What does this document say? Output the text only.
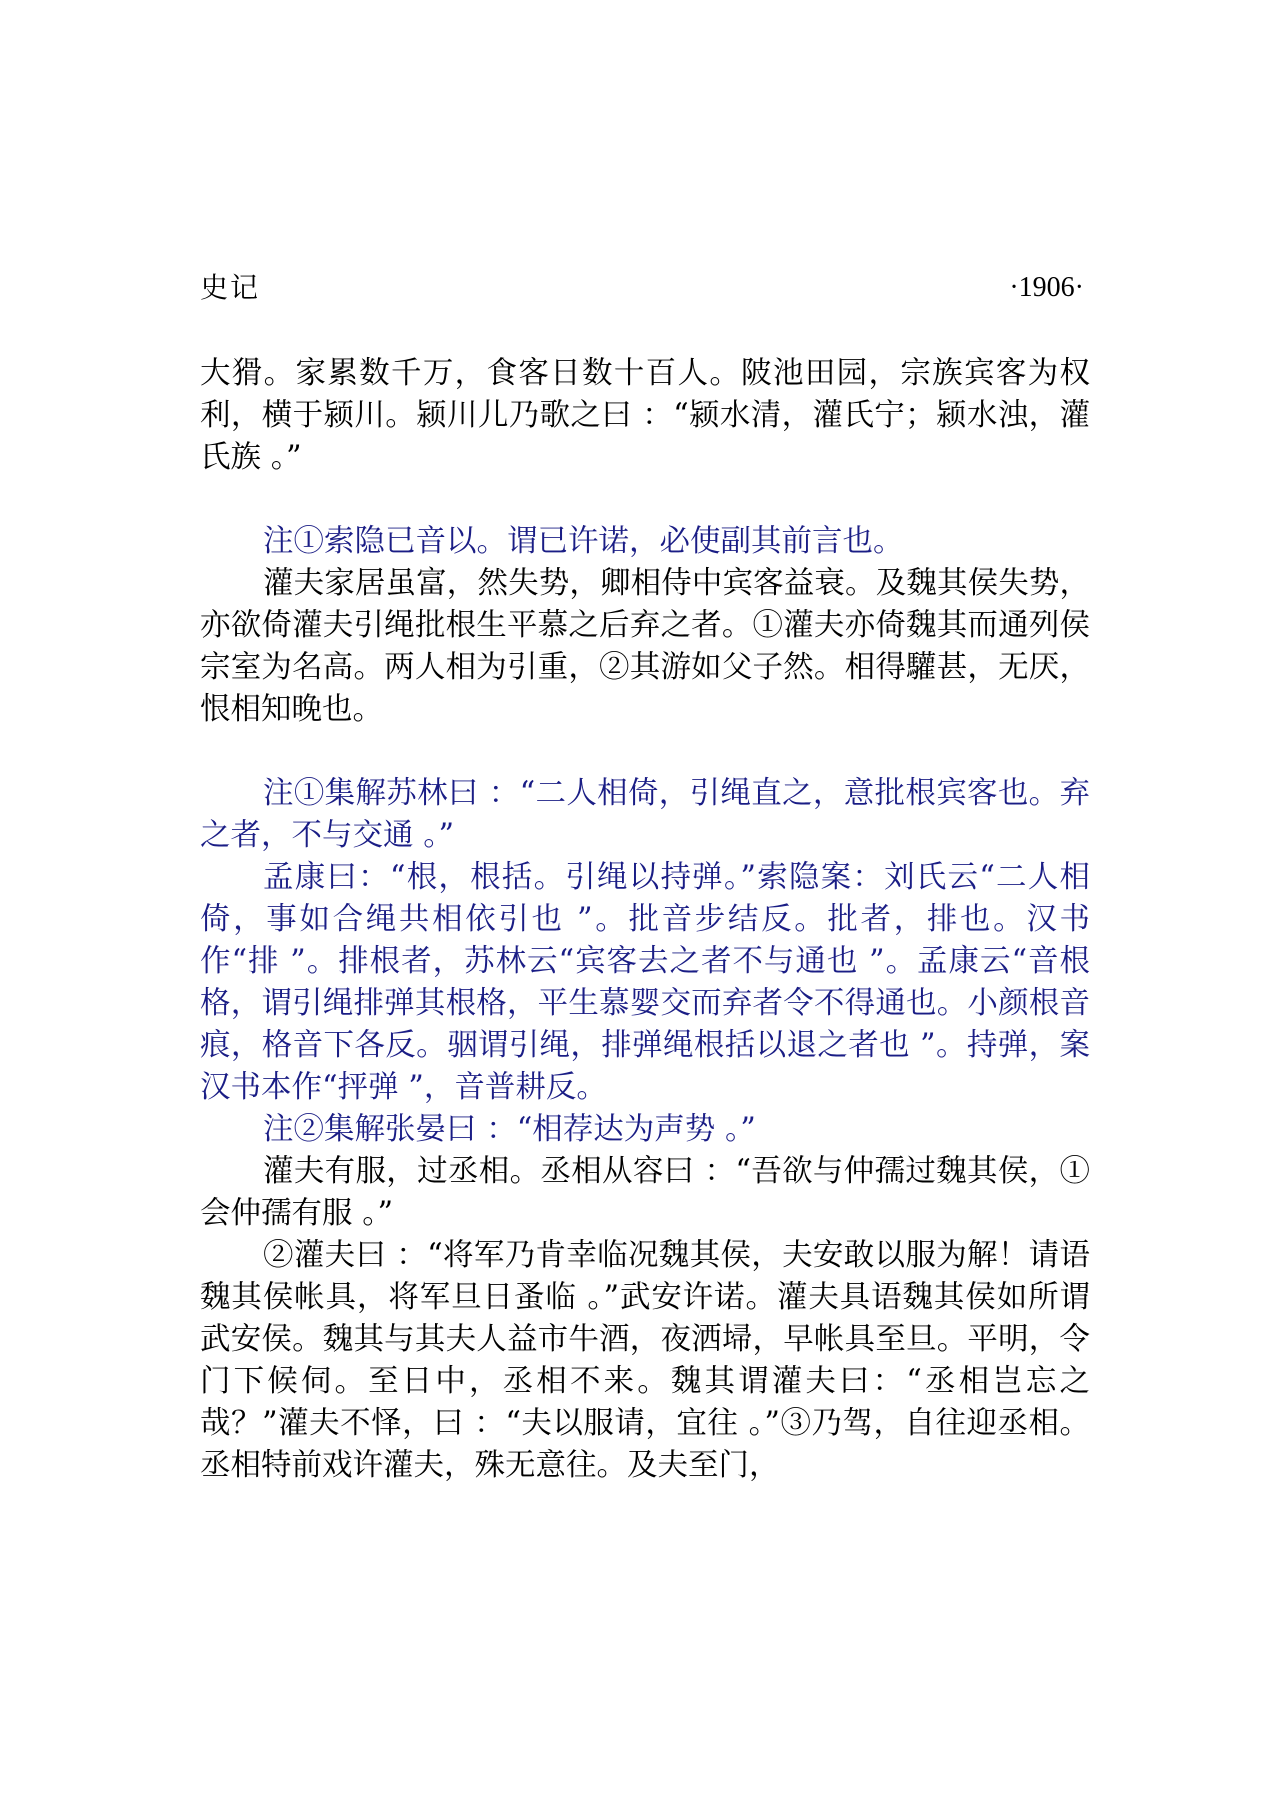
史记	·1906·

大猾。家累数千万，食客日数十百人。陂池田园，宗族宾客为权利，横于颍川。颍川儿乃歌之曰 ：“颍水清，灌氏宁；颍水浊，灌氏族 。”

注①索隐已音以。谓已许诺，必使副其前言也。

灌夫家居虽富，然失势，卿相侍中宾客益衰。及魏其侯失势，亦欲倚灌夫引绳批根生平慕之后弃之者。①灌夫亦倚魏其而通列侯宗室为名高。两人相为引重，②其游如父子然。相得驩甚，无厌，恨相知晚也。

注①集解苏林曰 ：“二人相倚，引绳直之，意批根宾客也。弃之者，不与交通 。”

孟康曰：“根，根括。引绳以持弹。”索隐案：刘氏云“二人相倚，事如合绳共相依引也 ”。批音步结反。批者，排也。汉书作“排 ”。排根者，苏林云“宾客去之者不与通也 ”。孟康云“音根格，谓引绳排弹其根格，平生慕婴交而弃者令不得通也。小颜根音痕，格音下各反。骃谓引绳，排弹绳根括以退之者也 ”。持弹，案汉书本作“抨弹 ”，音普耕反。

注②集解张晏曰 ：“相荐达为声势 。”

灌夫有服，过丞相。丞相从容曰 ：“吾欲与仲孺过魏其侯，①会仲孺有服 。”

②灌夫曰 ：“将军乃肯幸临况魏其侯，夫安敢以服为解！请语魏其侯帐具，将军旦日蚤临 。”武安许诺。灌夫具语魏其侯如所谓武安侯。魏其与其夫人益市牛酒，夜洒埽，早帐具至旦。平明，令门下候伺。至日中，丞相不来。魏其谓灌夫曰：“丞相岂忘之哉？”灌夫不怿，曰 ：“夫以服请，宜往 。”③乃驾，自往迎丞相。丞相特前戏许灌夫，殊无意往。及夫至门，
